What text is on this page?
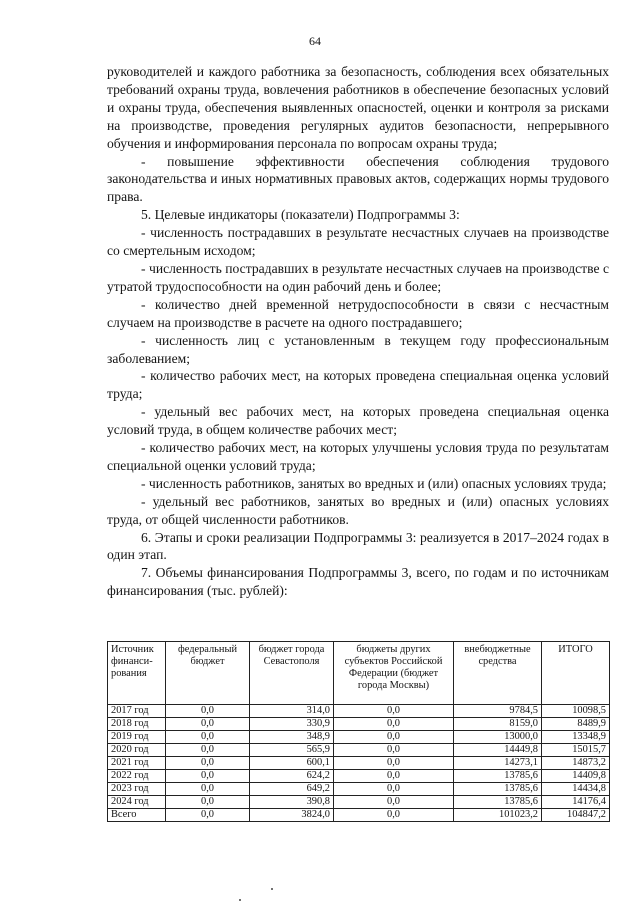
64

руководителей и каждого работника за безопасность, соблюдения всех обязательных требований охраны труда, вовлечения работников в обеспечение безопасных условий и охраны труда, обеспечения выявленных опасностей, оценки и контроля за рисками на производстве, проведения регулярных аудитов безопасности, непрерывного обучения и информирования персонала по вопросам охраны труда;

- повышение эффективности обеспечения соблюдения трудового законодательства и иных нормативных правовых актов, содержащих нормы трудового права.

5. Целевые индикаторы (показатели) Подпрограммы 3:

- численность пострадавших в результате несчастных случаев на производстве со смертельным исходом;

- численность пострадавших в результате несчастных случаев на производстве с утратой трудоспособности на один рабочий день и более;

- количество дней временной нетрудоспособности в связи с несчастным случаем на производстве в расчете на одного пострадавшего;

- численность лиц с установленным в текущем году профессиональным заболеванием;

- количество рабочих мест, на которых проведена специальная оценка условий труда;

- удельный вес рабочих мест, на которых проведена специальная оценка условий труда, в общем количестве рабочих мест;

- количество рабочих мест, на которых улучшены условия труда по результатам специальной оценки условий труда;

- численность работников, занятых во вредных и (или) опасных условиях труда;

- удельный вес работников, занятых во вредных и (или) опасных условиях труда, от общей численности работников.

6. Этапы и сроки реализации Подпрограммы 3: реализуется в 2017–2024 годах в один этап.

7. Объемы финансирования Подпрограммы 3, всего, по годам и по источникам финансирования (тыс. рублей):

Источник финанси-рования	федеральный бюджет	бюджет города Севастополя	бюджеты других субъектов Российской Федерации (бюджет города Москвы)	внебюджетные средства	ИТОГО
2017 год	0,0	314,0	0,0	9784,5	10098,5
2018 год	0,0	330,9	0,0	8159,0	8489,9
2019 год	0,0	348,9	0,0	13000,0	13348,9
2020 год	0,0	565,9	0,0	14449,8	15015,7
2021 год	0,0	600,1	0,0	14273,1	14873,2
2022 год	0,0	624,2	0,0	13785,6	14409,8
2023 год	0,0	649,2	0,0	13785,6	14434,8
2024 год	0,0	390,8	0,0	13785,6	14176,4
Всего	0,0	3824,0	0,0	101023,2	104847,2
